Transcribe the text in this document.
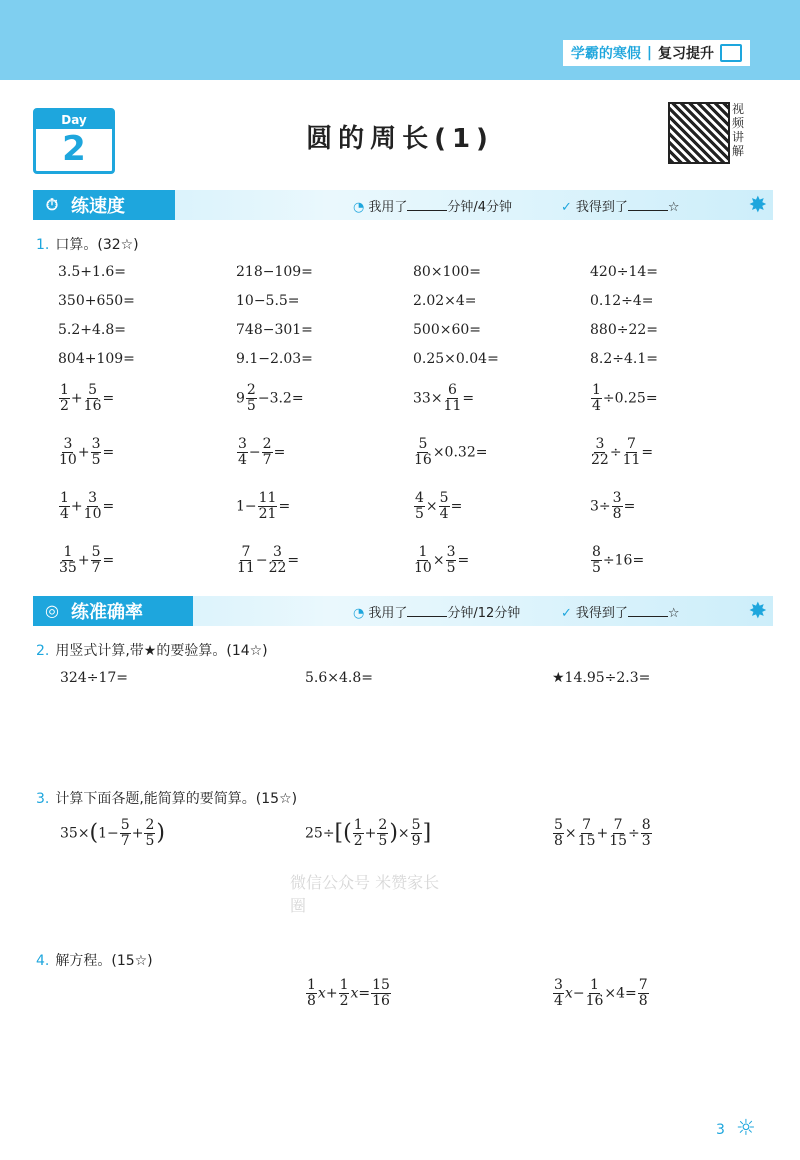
学霸的寒假 | 复习提升
Day
2	圆的周长(1)
视频讲解
⏱ 练速度	◔ 我用了	分钟/4分钟	✓ 我得到了	☆	✸
1. 口算。(32☆)
3.5+1.6=	218−109=	80×100=	420÷14=
350+650=	10−5.5=	2.02×4=	0.12÷4=
5.2+4.8=	748−301=	500×60=	880÷22=
804+109=	9.1−2.03=	0.25×0.04=	8.2÷4.1=
$\frac{1}{2} + \frac{5}{16}$ =	$9 \frac{2}{5} -3.2=$	$33\times \frac{6}{11}$ =	$\frac{1}{4} \div 0.25=$
$\frac{3}{10} + \frac{3}{5}$ =	$\frac{3}{4} - \frac{2}{7}$ =	$\frac{5}{16} \times 0.32=$	$\frac{3}{22} \div \frac{7}{11}$ =
$\frac{1}{4} + \frac{3}{10}$ =	$1- \frac{11}{21}$ =	$\frac{4}{5} \times \frac{5}{4}$ =	$3\div \frac{3}{8}$ =
$\frac{1}{35} + \frac{5}{7}$ =	$\frac{7}{11} - \frac{3}{22}$ =	$\frac{1}{10} \times \frac{3}{5}$ =	$\frac{8}{5} \div 16=$
◎ 练准确率	◔ 我用了	分钟/12分钟	✓ 我得到了	☆	✸
2. 用竖式计算,带★的要验算。(14☆)
324÷17=	5.6×4.8=	★14.95÷2.3=
3. 计算下面各题,能简算的要简算。(15☆)
$35\times(1- \frac{5}{7} + \frac{2}{5}$ )	$25\div[( \frac{1}{2} + \frac{2}{5}$ )× $\frac{5}{9}$ ]	$\frac{5}{8} \times \frac{7}{15} + \frac{7}{15} \div \frac{8}{3}$
微信公众号 米赞家长圈
4. 解方程。(15☆)
$\frac{1}{8} x+ \frac{1}{2} x= \frac{15}{16}$	$\frac{3}{4} x- \frac{1}{16} \times 4= \frac{7}{8}$
3 ☼
